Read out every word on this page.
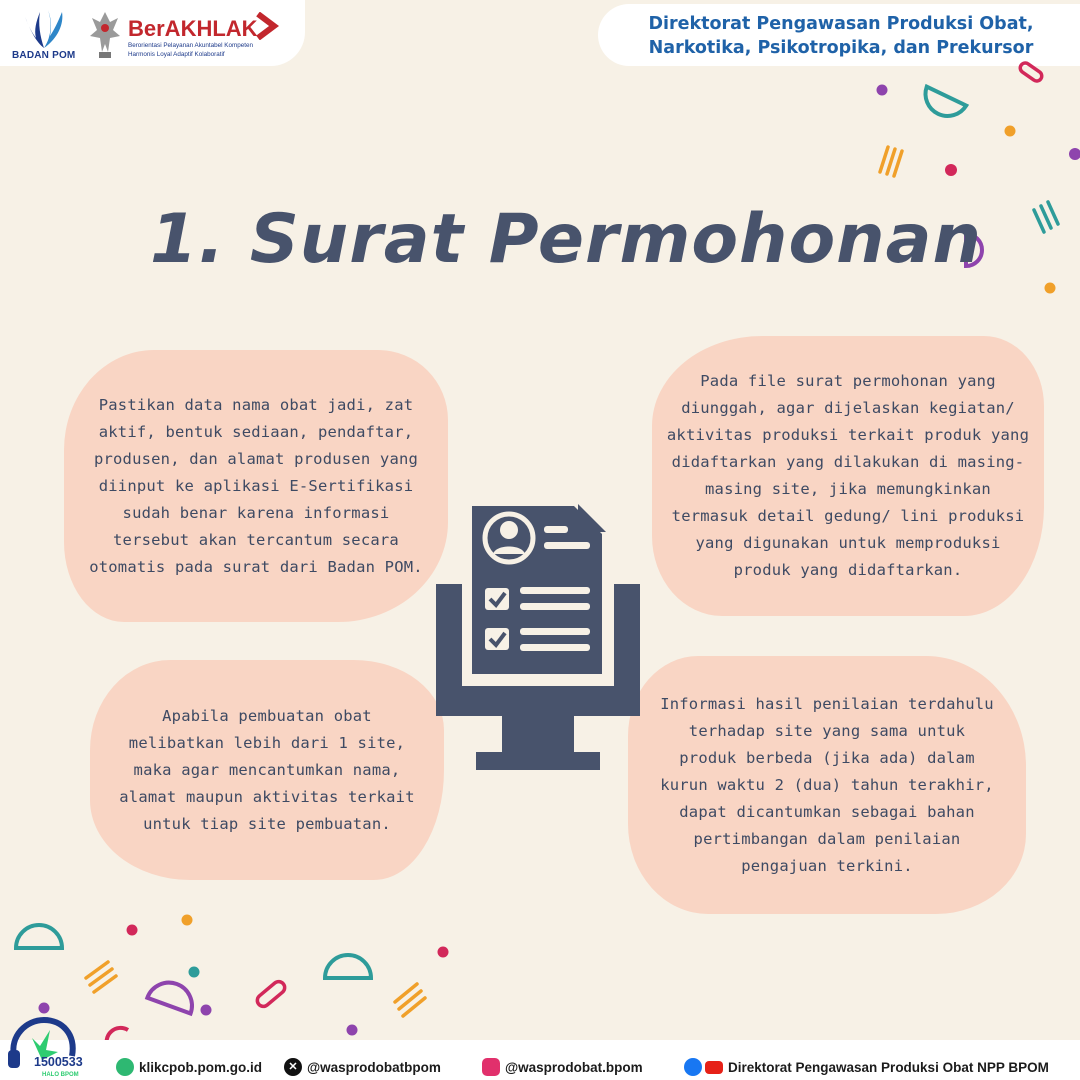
BADAN POM
BerAKHLAK
Berorientasi Pelayanan Akuntabel Kompeten
Harmonis Loyal Adaptif Kolaboratif
Direktorat Pengawasan Produksi Obat,
Narkotika, Psikotropika, dan Prekursor
1. Surat Permohonan

Pastikan data nama obat jadi, zat aktif, bentuk sediaan, pendaftar, produsen, dan alamat produsen yang diinput ke aplikasi E-Sertifikasi sudah benar karena informasi tersebut akan tercantum secara otomatis pada surat dari Badan POM.

Pada file surat permohonan yang diunggah, agar dijelaskan kegiatan/ aktivitas produksi terkait produk yang didaftarkan yang dilakukan di masing-masing site, jika memungkinkan termasuk detail gedung/ lini produksi yang digunakan untuk memproduksi produk yang didaftarkan.

Apabila pembuatan obat melibatkan lebih dari 1 site, maka agar mencantumkan nama, alamat maupun aktivitas terkait untuk tiap site pembuatan.

Informasi hasil penilaian terdahulu terhadap site yang sama untuk produk berbeda (jika ada) dalam kurun waktu 2 (dua) tahun terakhir, dapat dicantumkan sebagai bahan pertimbangan dalam penilaian pengajuan terkini.

1500533
HALO BPOM
klikcpob.pom.go.id	✕ @wasprodobatbpom	@wasprodobat.bpom	Direktorat Pengawasan Produksi Obat NPP BPOM
